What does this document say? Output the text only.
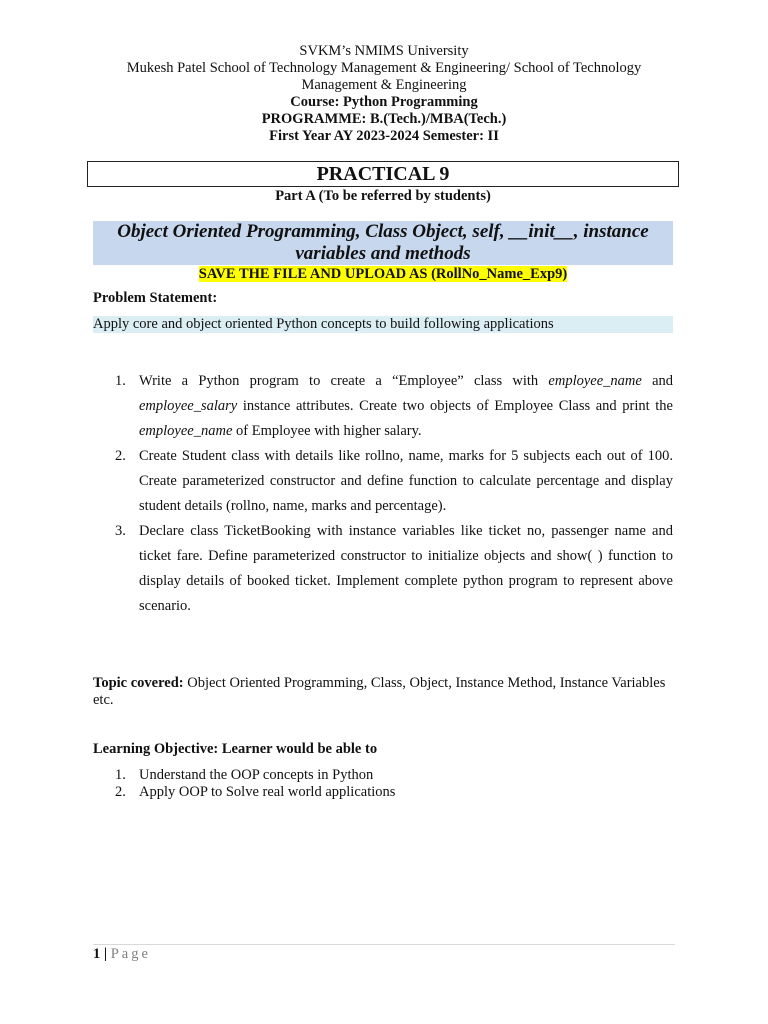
SVKM’s NMIMS University
Mukesh Patel School of Technology Management & Engineering/ School of Technology
Management & Engineering
Course: Python Programming
PROGRAMME: B.(Tech.)/MBA(Tech.)
First Year AY 2023-2024 Semester: II
PRACTICAL 9
Part A (To be referred by students)
Object Oriented Programming, Class Object, self, __init__, instance
variables and methods
SAVE THE FILE AND UPLOAD AS (RollNo_Name_Exp9)
Problem Statement:
Apply core and object oriented Python concepts to build following applications
1. Write a Python program to create a “Employee” class with employee_name and employee_salary instance attributes. Create two objects of Employee Class and print the employee_name of Employee with higher salary.
2. Create Student class with details like rollno, name, marks for 5 subjects each out of 100. Create parameterized constructor and define function to calculate percentage and display student details (rollno, name, marks and percentage).
3. Declare class TicketBooking with instance variables like ticket no, passenger name and ticket fare. Define parameterized constructor to initialize objects and show( ) function to display details of booked ticket. Implement complete python program to represent above scenario.
Topic covered: Object Oriented Programming, Class, Object, Instance Method, Instance Variables etc.
Learning Objective: Learner would be able to
1. Understand the OOP concepts in Python
2. Apply OOP to Solve real world applications
1 | Page
